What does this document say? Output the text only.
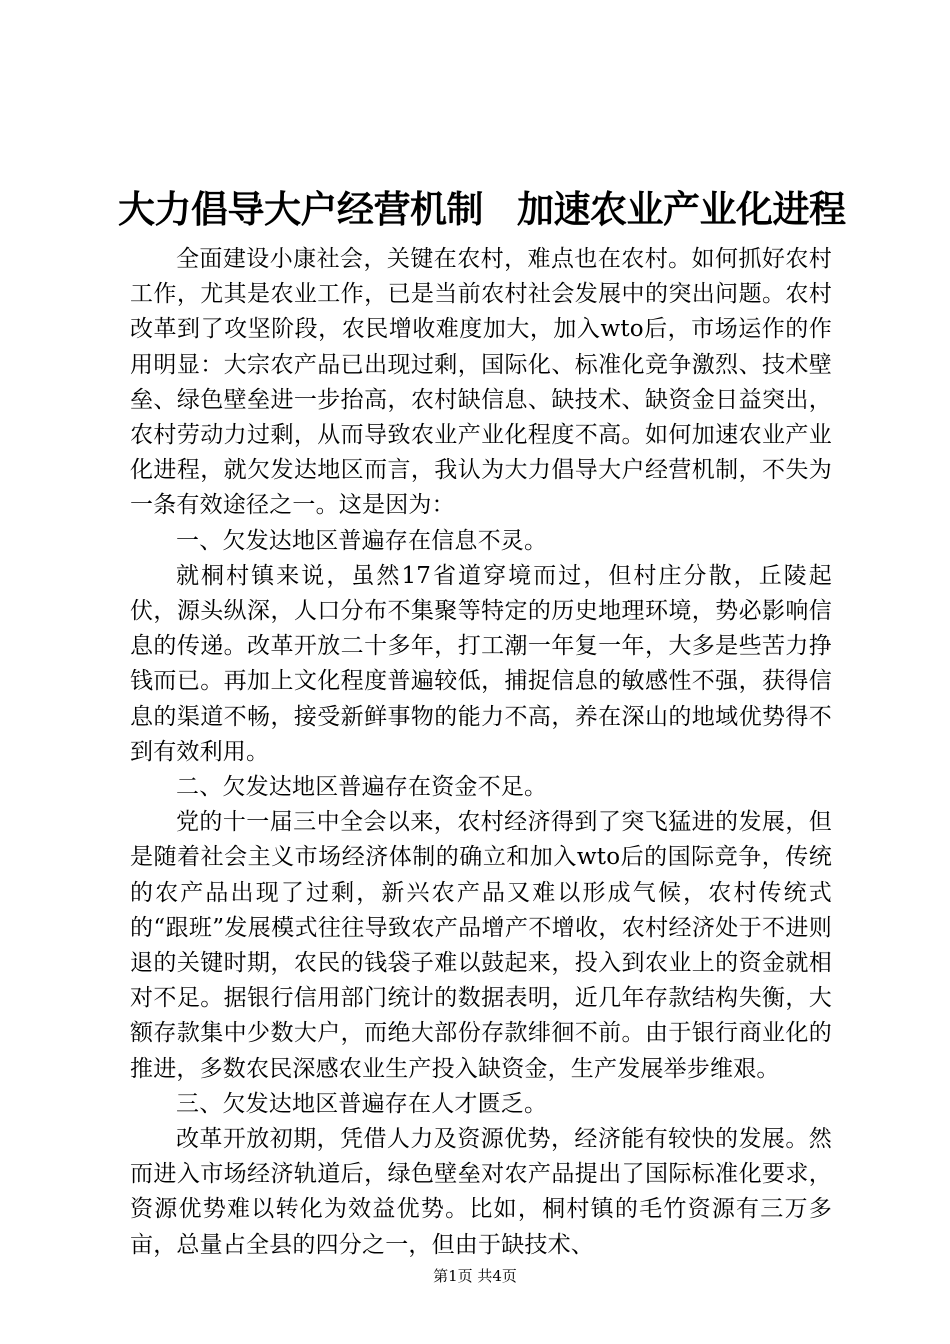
大力倡导大户经营机制 加速农业产业化进程

全面建设小康社会，关键在农村，难点也在农村。如何抓好农村工作，尤其是农业工作，已是当前农村社会发展中的突出问题。农村改革到了攻坚阶段，农民增收难度加大，加入wto后，市场运作的作用明显：大宗农产品已出现过剩，国际化、标准化竞争激烈、技术壁垒、绿色壁垒进一步抬高，农村缺信息、缺技术、缺资金日益突出，农村劳动力过剩，从而导致农业产业化程度不高。如何加速农业产业化进程，就欠发达地区而言，我认为大力倡导大户经营机制，不失为一条有效途径之一。这是因为：

一、欠发达地区普遍存在信息不灵。

就桐村镇来说，虽然17省道穿境而过，但村庄分散，丘陵起伏，源头纵深，人口分布不集聚等特定的历史地理环境，势必影响信息的传递。改革开放二十多年，打工潮一年复一年，大多是些苦力挣钱而已。再加上文化程度普遍较低，捕捉信息的敏感性不强，获得信息的渠道不畅，接受新鲜事物的能力不高，养在深山的地域优势得不到有效利用。

二、欠发达地区普遍存在资金不足。

党的十一届三中全会以来，农村经济得到了突飞猛进的发展，但是随着社会主义市场经济体制的确立和加入wto后的国际竞争，传统的农产品出现了过剩，新兴农产品又难以形成气候，农村传统式的“跟班”发展模式往往导致农产品增产不增收，农村经济处于不进则退的关键时期，农民的钱袋子难以鼓起来，投入到农业上的资金就相对不足。据银行信用部门统计的数据表明，近几年存款结构失衡，大额存款集中少数大户，而绝大部份存款绯徊不前。由于银行商业化的推进，多数农民深感农业生产投入缺资金，生产发展举步维艰。

三、欠发达地区普遍存在人才匮乏。

改革开放初期，凭借人力及资源优势，经济能有较快的发展。然而进入市场经济轨道后，绿色壁垒对农产品提出了国际标准化要求，资源优势难以转化为效益优势。比如，桐村镇的毛竹资源有三万多亩，总量占全县的四分之一，但由于缺技术、

第1页 共4页
